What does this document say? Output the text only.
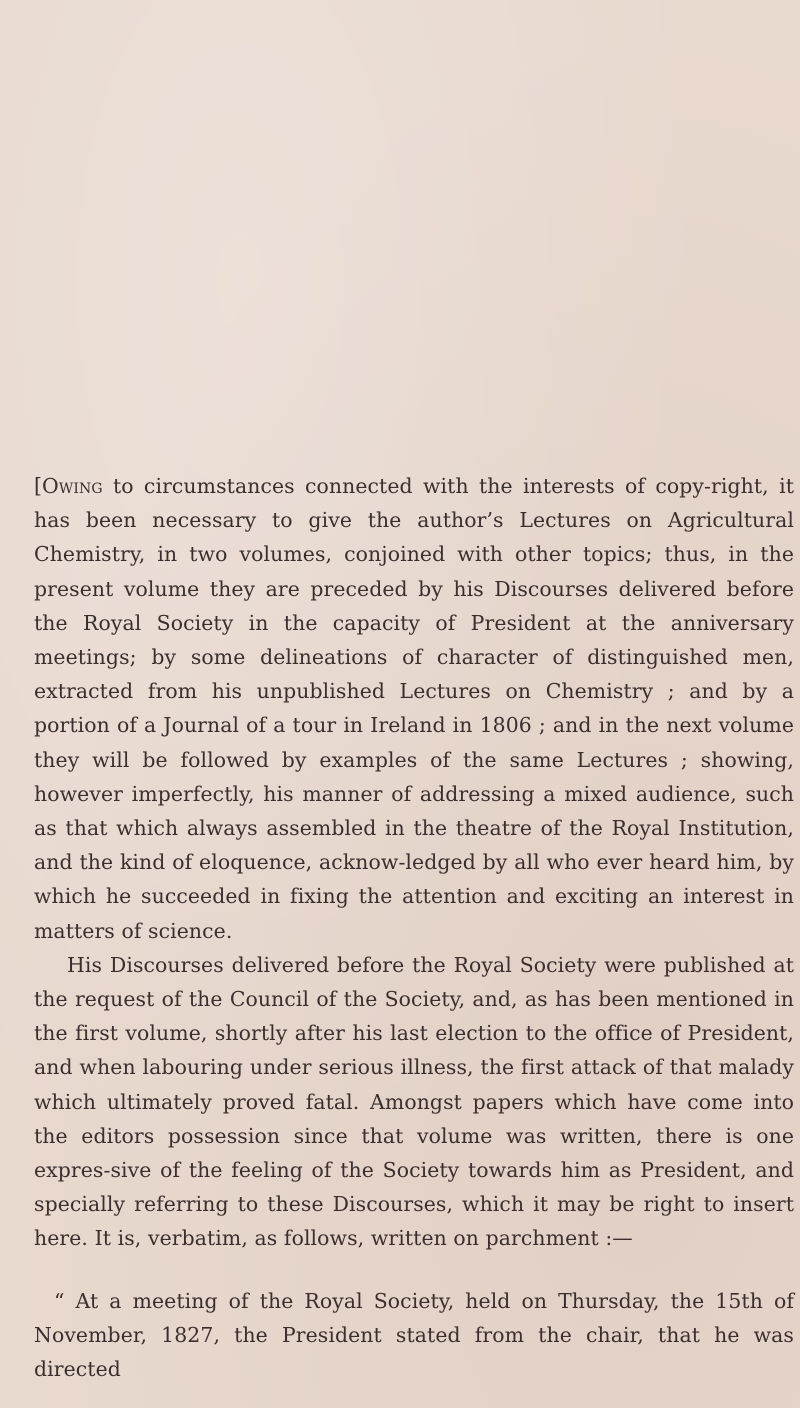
[Owing to circumstances connected with the interests of copy-right, it has been necessary to give the author’s Lectures on Agricultural Chemistry, in two volumes, conjoined with other topics; thus, in the present volume they are preceded by his Discourses delivered before the Royal Society in the capacity of President at the anniversary meetings; by some delineations of character of distinguished men, extracted from his unpublished Lectures on Chemistry ; and by a portion of a Journal of a tour in Ireland in 1806 ; and in the next volume they will be followed by examples of the same Lectures ; showing, however imperfectly, his manner of addressing a mixed audience, such as that which always assembled in the theatre of the Royal Institution, and the kind of eloquence, acknow-ledged by all who ever heard him, by which he succeeded in fixing the attention and exciting an interest in matters of science.

His Discourses delivered before the Royal Society were published at the request of the Council of the Society, and, as has been mentioned in the first volume, shortly after his last election to the office of President, and when labouring under serious illness, the first attack of that malady which ultimately proved fatal. Amongst papers which have come into the editors possession since that volume was written, there is one expres-sive of the feeling of the Society towards him as President, and specially referring to these Discourses, which it may be right to insert here. It is, verbatim, as follows, written on parchment :—

“ At a meeting of the Royal Society, held on Thursday, the 15th of November, 1827, the President stated from the chair, that he was directed
